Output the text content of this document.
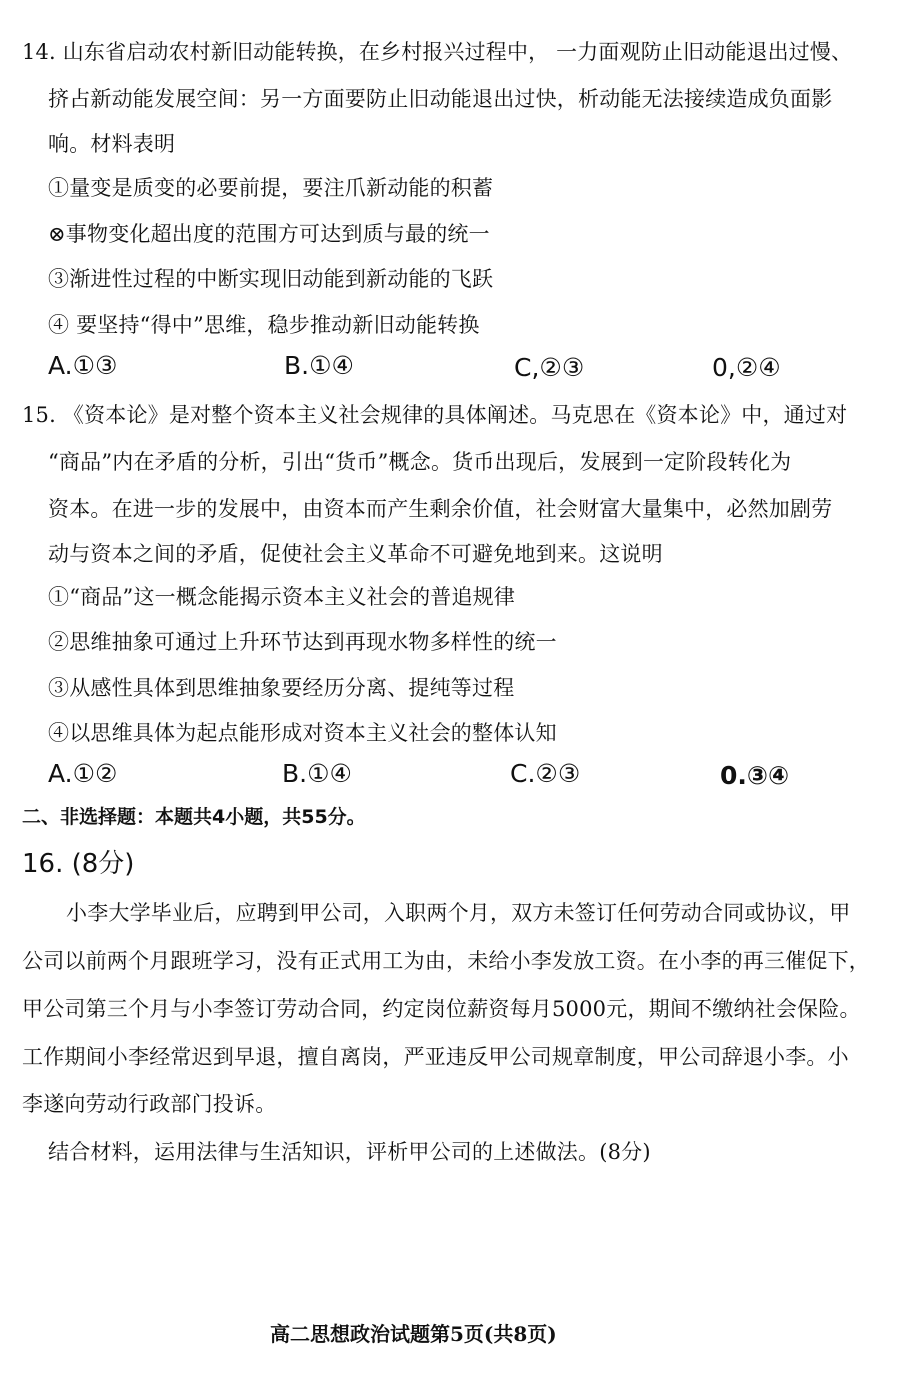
14. 山东省启动农村新旧动能转换，在乡村报兴过程中， 一力面观防止旧动能退出过慢、
挤占新动能发展空间：另一方面要防止旧动能退出过快，析动能无法接续造成负面影
响。材料表明
①量变是质变的必要前提，要注爪新动能的积蓄
⊗事物变化超出度的范围方可达到质与最的统一
③渐进性过程的中断实现旧动能到新动能的飞跃
④ 要坚持“得中”思维，稳步推动新旧动能转换
A.①③	B.①④	C,②③	0,②④
15. 《资本论》是对整个资本主义社会规律的具体阐述。马克思在《资本论》中，通过对
“商品”内在矛盾的分析，引出“货币”概念。货币出现后，发展到一定阶段转化为
资本。在进一步的发展中，由资本而产生剩余价值，社会财富大量集中，必然加剧劳
动与资本之间的矛盾，促使社会主义革命不可避免地到来。这说明
①“商品”这一概念能揭示资本主义社会的普追规律
②思维抽象可通过上升环节达到再现水物多样性的统一
③从感性具体到思维抽象要经历分离、提纯等过程
④以思维具体为起点能形成对资本主义社会的整体认知
A.①②	B.①④	C.②③	0.③④
二、非选择题：本题共4小题，共55分。
16. (8分)
小李大学毕业后，应聘到甲公司，入职两个月，双方未签订任何劳动合同或协议，甲
公司以前两个月跟班学习，没有正式用工为由，未给小李发放工资。在小李的再三催促下，
甲公司第三个月与小李签订劳动合同，约定岗位薪资每月5000元，期间不缴纳社会保险。
工作期间小李经常迟到早退，擅自离岗，严亚违反甲公司规章制度，甲公司辞退小李。小
李遂向劳动行政部门投诉。
结合材料，运用法律与生活知识，评析甲公司的上述做法。(8分)
高二思想政治试题第5页(共8页)
